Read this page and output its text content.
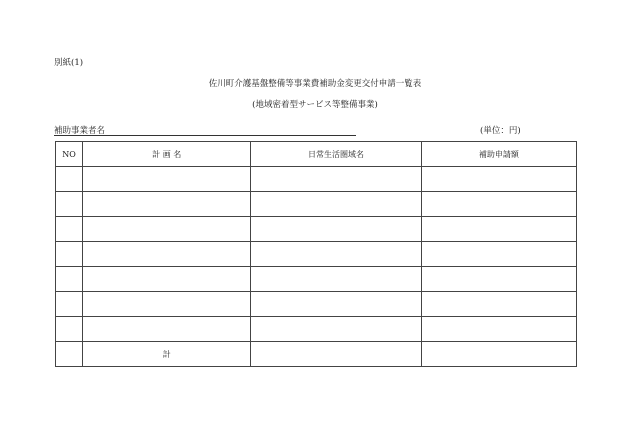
別紙(1)
佐川町介護基盤整備等事業費補助金変更交付申請一覧表
(地域密着型サービス等整備事業)
補助事業者名	(単位：円)
NO	計 画 名	日常生活圏域名	補助申請額

	計		
